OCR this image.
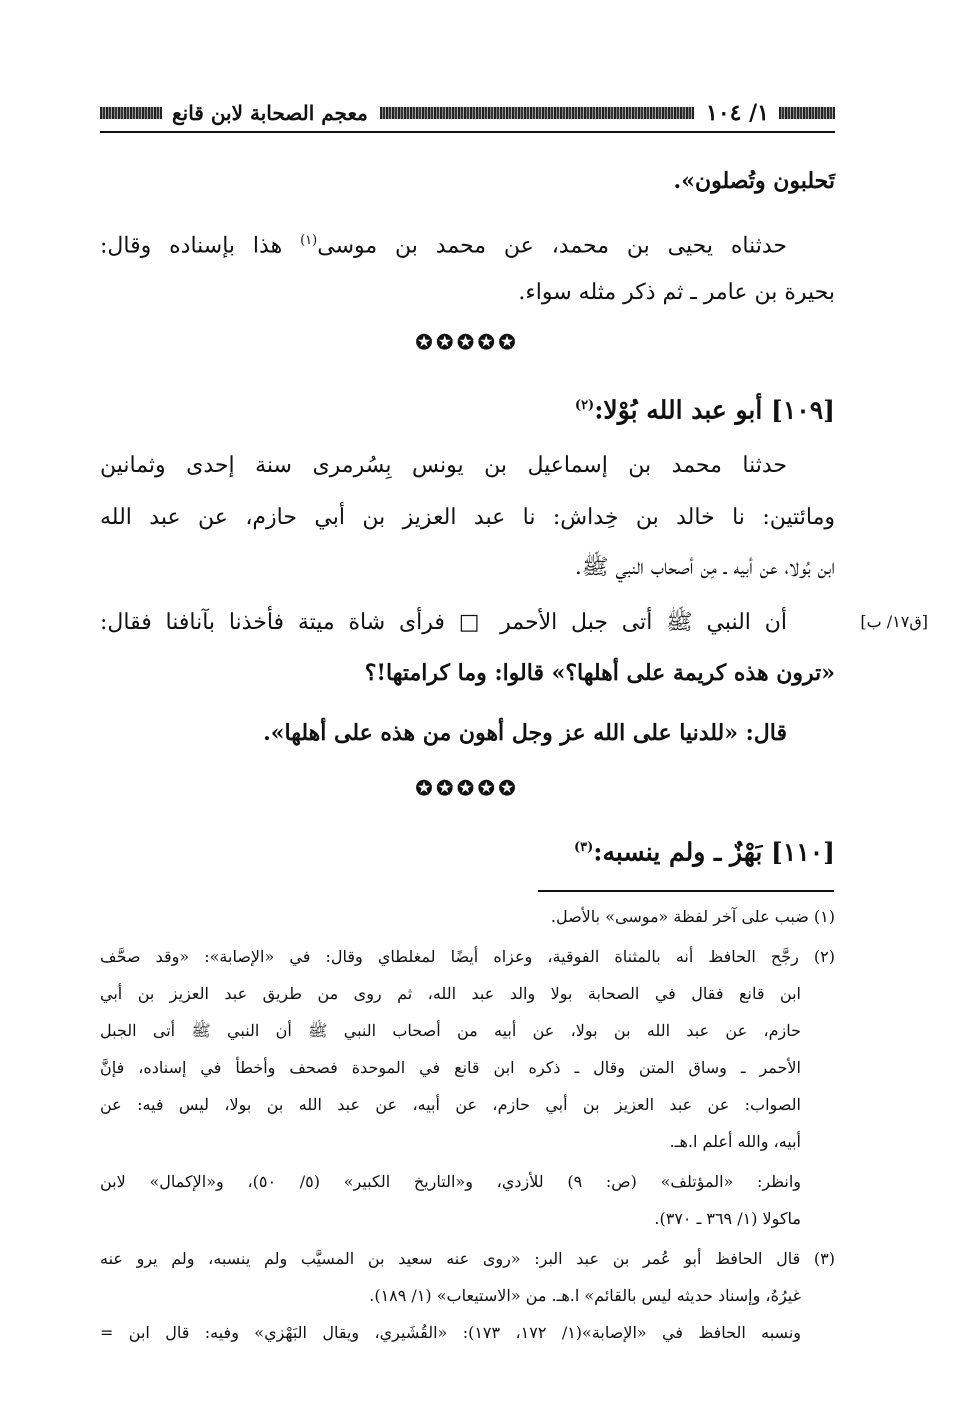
١/ ١٠٤
معجم الصحابة لابن قانع
تَحلبون وتُصلون».
حدثناه يحيى بن محمد، عن محمد بن موسى$^{(١)}$ هذا بإسناده وقال:
بحيرة بن عامر ـ ثم ذكر مثله سواء.
✪✪✪✪✪
[١٠٩] أبو عبد الله بُوْلا:$^{(٢)}$
حدثنا محمد بن إسماعيل بن يونس بِسُرمرى سنة إحدى وثمانين
ومائتين: نا خالد بن خِداش: نا عبد العزيز بن أبي حازم، عن عبد الله
ابن بُولا، عن أبيه ـ مِن أصحاب النبي ﷺ.
[ق١٧/ ب]
أن النبي ﷺ أتى جبل الأحمر □ فرأى شاة ميتة فأخذنا بآنافنا فقال:
«ترون هذه كريمة على أهلها؟» قالوا: وما كرامتها!؟
قال: «للدنيا على الله عز وجل أهون من هذه على أهلها».
✪✪✪✪✪
[١١٠] بَهْزٌ ـ ولم ينسبه:$^{(٣)}$
(١) ضبب على آخر لفظة «موسى» بالأصل.
(٢) رجَّح الحافظ أنه بالمثناة الفوقية، وعزاه أيضًا لمغلطاي وقال: في «الإصابة»: «وقد صحَّف
ابن قانع فقال في الصحابة بولا والد عبد الله، ثم روى من طريق عبد العزيز بن أبي
حازم، عن عبد الله بن بولا، عن أبيه من أصحاب النبي ﷺ أن النبي ﷺ أتى الجبل
الأحمر ـ وساق المتن وقال ـ ذكره ابن قانع في الموحدة فصحف وأخطأ في إسناده، فإنَّ
الصواب: عن عبد العزيز بن أبي حازم، عن أبيه، عن عبد الله بن بولا، ليس فيه: عن
أبيه، والله أعلم ا.هـ.
وانظر: «المؤتلف» (ص: ٩) للأزدي، و«التاريخ الكبير» (٥/ ٥٠)، و«الإكمال» لابن
ماكولا (١/ ٣٦٩ ـ ٣٧٠).
(٣) قال الحافظ أبو عُمر بن عبد البر: «روى عنه سعيد بن المسيَّب ولم ينسبه، ولم يرو عنه
غيرُهُ، وإسناد حديثه ليس بالقائم» ا.هـ. من «الاستيعاب» (١/ ١٨٩).
ونسبه الحافظ في «الإصابة»(١/ ١٧٢، ١٧٣): «القُشَيري، ويقال البَهْزي» وفيه: قال ابن =
